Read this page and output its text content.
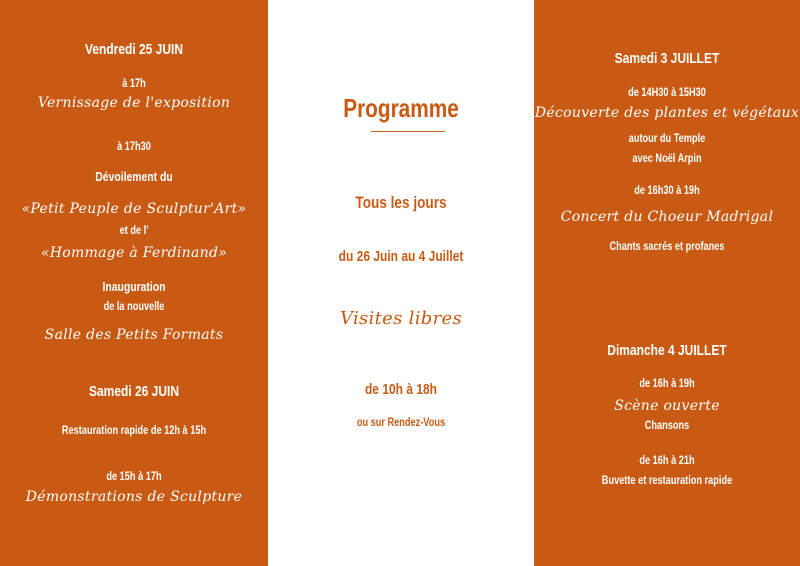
Vendredi 25 JUIN
à 17h
Vernissage de l'exposition
à 17h30
Dévoilement du
«Petit Peuple de Sculptur'Art»
et de l'
«Hommage à Ferdinand»
Inauguration
de la nouvelle
Salle des Petits Formats
Samedi 26 JUIN
Restauration rapide de 12h à 15h
de 15h à 17h
Démonstrations de Sculpture
Programme
Tous les jours
du 26 Juin au 4 Juillet
Visites libres
de 10h à 18h
ou sur Rendez-Vous
Samedi 3 JUILLET
de 14H30 à 15H30
Découverte des plantes et végétaux
autour du Temple
avec Noël Arpin
de 16h30 à 19h
Concert du Choeur Madrigal
Chants sacrés et profanes
Dimanche 4 JUILLET
de 16h à 19h
Scène ouverte
Chansons
de 16h à 21h
Buvette et restauration rapide
